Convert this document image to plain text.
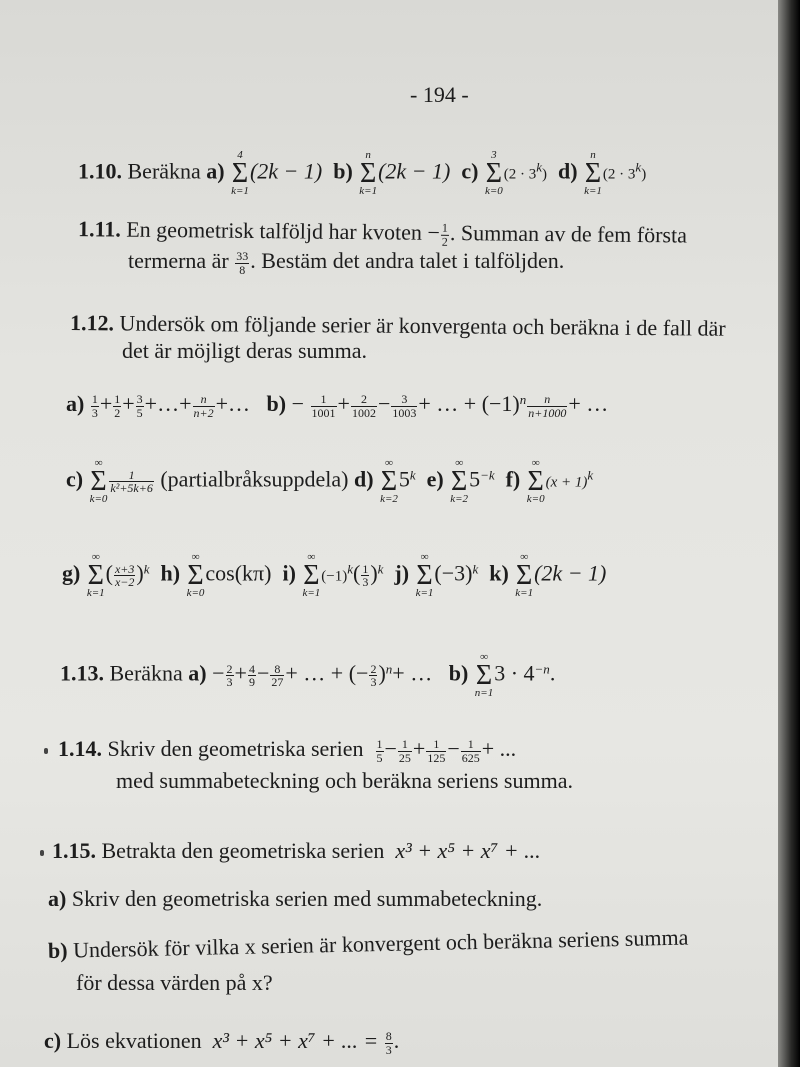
- 194 -
1.10. Beräkna a)
4
Σ
k=1
(2k − 1) b)
n
Σ
k=1
(2k − 1) c)
3
Σ
k=0
$(2 \cdot 3^k)$ d)
n
Σ
k=1
$(2 \cdot 3^k)$
1.11. En geometrisk talföljd har kvoten − $\frac{1}{2}$ . Summan av de fem första
termerna är $\frac{33}{8}$ . Bestäm det andra talet i talföljden.
1.12. Undersök om följande serier är konvergenta och beräkna i de fall där
det är möjligt deras summa.
$a) \frac{1}{3} + \frac{1}{2} + \frac{3}{5}$ +…+ $\frac{n}{n+2}$ +… $b) - \frac{1}{1001} + \frac{2}{1002} - \frac{3}{1003}$ + … + $(-1)^n \frac{n}{n+1000}$ + …
c)
∞
Σ
k=0
$\frac{1}{\text{k²+5k+6}}$ (partialbråksuppdela) d)
∞
Σ
k=2
5$^k$ e)
∞
Σ
k=2
$5^{-k}$ f)
∞
Σ
k=0
$(x + 1)^k$
g)
∞
Σ
k=1
( $\frac{x+3}{x-2} )^k$ h)
∞
Σ
k=0
cos(kπ) i)
∞
Σ
k=1
$(-1)^k( \frac{1}{3} )^k$ j)
∞
Σ
k=1
$(-3)^k$ k)
∞
Σ
k=1
(2k − 1)
1.13. Beräkna $a) - \frac{2}{3} + \frac{4}{9} - \frac{8}{27}$ + … + (− $\frac{2}{3} )^n+$ … b)
∞
Σ
n=1
$3 \cdot 4^{-n}$.
1.14. Skriv den geometriska serien $\frac{1}{5} - \frac{1}{25} + \frac{1}{125} - \frac{1}{625}$ + ...
med summabeteckning och beräkna seriens summa.
1.15. Betrakta den geometriska serien x³ + x⁵ + x⁷ + ...
a) Skriv den geometriska serien med summabeteckning.
b) Undersök för vilka x serien är konvergent och beräkna seriens summa
för dessa värden på x?
c) Lös ekvationen x³ + x⁵ + x⁷ + ... = $\frac{8}{3}$ .
